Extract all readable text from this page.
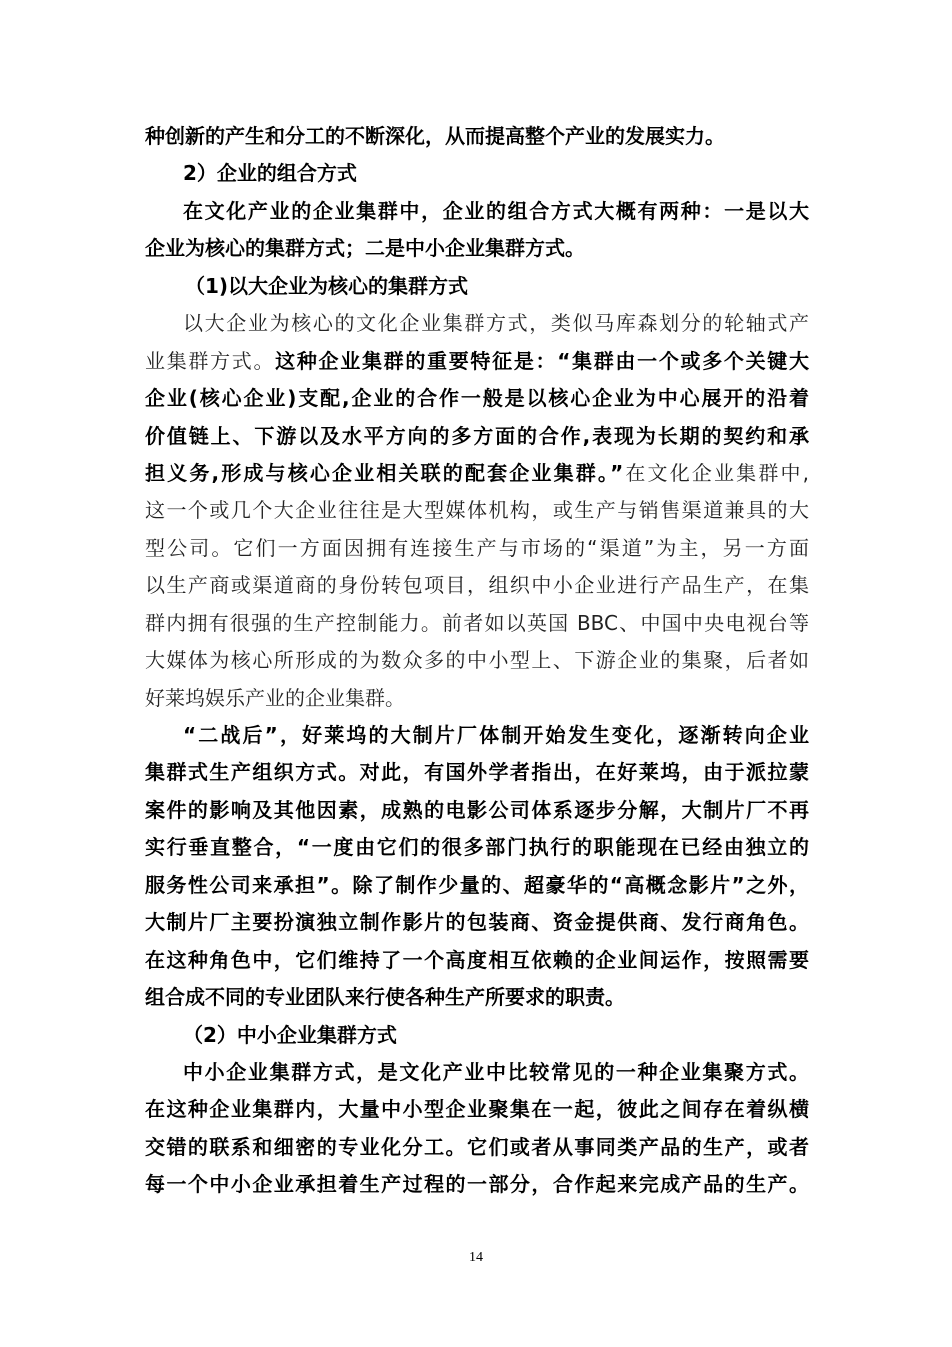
种创新的产生和分工的不断深化，从而提高整个产业的发展实力。
2）企业的组合方式
在文化产业的企业集群中，企业的组合方式大概有两种：一是以大
企业为核心的集群方式；二是中小企业集群方式。
（1)以大企业为核心的集群方式
以大企业为核心的文化企业集群方式，类似马库森划分的轮轴式产
业集群方式。这种企业集群的重要特征是：“集群由一个或多个关键大
企业(核心企业)支配,企业的合作一般是以核心企业为中心展开的沿着
价值链上、下游以及水平方向的多方面的合作,表现为长期的契约和承
担义务,形成与核心企业相关联的配套企业集群。”在文化企业集群中,
这一个或几个大企业往往是大型媒体机构，或生产与销售渠道兼具的大
型公司。它们一方面因拥有连接生产与市场的“渠道”为主，另一方面
以生产商或渠道商的身份转包项目，组织中小企业进行产品生产，在集
群内拥有很强的生产控制能力。前者如以英国 BBC、中国中央电视台等
大媒体为核心所形成的为数众多的中小型上、下游企业的集聚，后者如
好莱坞娱乐产业的企业集群。
“二战后”，好莱坞的大制片厂体制开始发生变化，逐渐转向企业
集群式生产组织方式。对此，有国外学者指出，在好莱坞，由于派拉蒙
案件的影响及其他因素，成熟的电影公司体系逐步分解，大制片厂不再
实行垂直整合，“一度由它们的很多部门执行的职能现在已经由独立的
服务性公司来承担”。除了制作少量的、超豪华的“高概念影片”之外，
大制片厂主要扮演独立制作影片的包装商、资金提供商、发行商角色。
在这种角色中，它们维持了一个高度相互依赖的企业间运作，按照需要
组合成不同的专业团队来行使各种生产所要求的职责。
（2）中小企业集群方式
中小企业集群方式，是文化产业中比较常见的一种企业集聚方式。
在这种企业集群内，大量中小型企业聚集在一起，彼此之间存在着纵横
交错的联系和细密的专业化分工。它们或者从事同类产品的生产，或者
每一个中小企业承担着生产过程的一部分，合作起来完成产品的生产。
14
